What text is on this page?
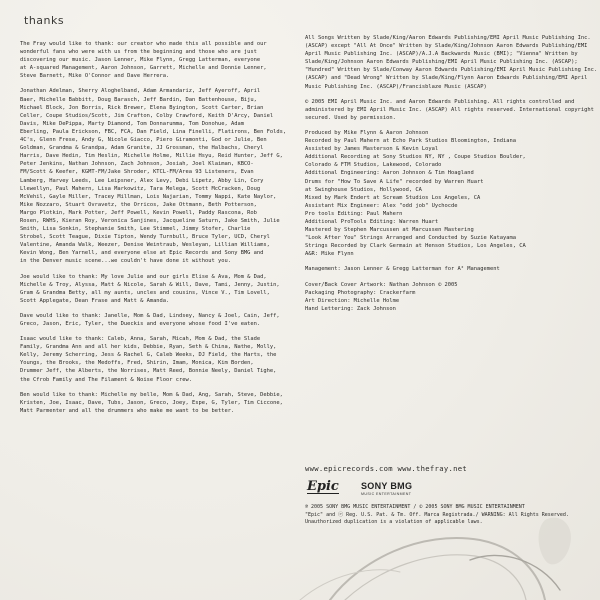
thanks

The Fray would like to thank: our creator who made this all possible and our
wonderful fans who were with us from the beginning and those who are just
discovering our music. Jason Lenner, Mike Flynn, Gregg Latterman, everyone
at A-squared Management, Aaron Johnson, Garrett, Michelle and Donnie Lenner,
Steve Barnett, Mike O'Connor and Dave Herrera.

Jonathan Adelman, Sherry Aloghelband, Adam Armandariz, Jeff Ayeroff, April
Baer, Michelle Babbitt, Doug Barasch, Jeff Bardin, Dan Battenhouse, Biju,
Michael Block, Jon Borris, Rick Brewer, Elena Byington, Scott Carter, Brian
Celler, Coupe Studios/Scott, Jim Crafton, Colby Crawford, Keith D'Arcy, Daniel
Davis, Mike DePippa, Marty Diamond, Tom Donnarumma, Tom Donohue, Adam
Eberling, Paula Erickson, FBC, FCA, Dan Field, Lina Finelli, Flatirons, Ben Folds,
4C's, Glenn Frese, Andy G, Nicole Giacco, Piero Giramonti, God or Julie, Ben
Goldman, Grandma & Grandpa, Adam Granite, JJ Grossman, the Halbachs, Cheryl
Harris, Dave Hedin, Tim Heslin, Michelle Holme, Millie Hsyu, Reid Hunter, Jeff G,
Peter Jenkins, Nathan Johnson, Zach Johnson, Josiah, Joel Klaiman, KBCO-
FM/Scott & Keefer, KGMT-FM/Jake Shroder, KTCL-FM/Area 93 Listeners, Evan
Lamberg, Harvey Leeds, Lee Leipsner, Alex Levy, Debi Lipetz, Abby Lin, Cory
Llewellyn, Paul Mahern, Lisa Markowitz, Tara Melega, Scott McCracken, Doug
McVehil, Gayle Miller, Tracey Millman, Lois Najarian, Tommy Nappi, Kate Naylor,
Mike Nozzaro, Stuart Ovravetz, the Orricos, Jake Ottmann, Beth Potterson,
Margo Plotkin, Mark Potter, Jeff Powell, Kevin Powell, Paddy Rascona, Rob
Rosen, RWHS, Kieran Roy, Veronica Sanjines, Jacqueline Saturn, Jake Smith, Julie
Smith, Lisa Sonkin, Stephanie Smith, Lee Stimmel, Jimmy Stofer, Charlie
Strobel, Scott Teague, Dixie Tipton, Wendy Turnbull, Bruce Tyler, UCD, Cheryl
Valentine, Amanda Walk, Weezer, Denise Weintraub, Wesleyan, Lillian Williams,
Kevin Wong, Ben Yarnell, and everyone else at Epic Records and Sony BMG and
in the Denver music scene...we couldn't have done it without you.

Joe would like to thank: My love Julie and our girls Elise & Ava, Mom & Dad,
Michelle & Troy, Alyssa, Matt & Nicole, Sarah & Will, Dave, Tami, Jenny, Justin,
Gram & Grandma Betty, all my aunts, uncles and cousins, Vince V., Tim Lovell,
Scott Applegate, Dean Frase and Matt & Amanda.

Dave would like to thank: Janelle, Mom & Dad, Lindsey, Nancy & Joel, Cain, Jeff,
Greco, Jason, Eric, Tyler, the Dueckis and everyone whose food I've eaten.

Isaac would like to thank: Caleb, Anna, Sarah, Micah, Mom & Dad, the Slade
Family, Grandma Ann and all her kids, Debbie, Ryan, Seth & China, Nathe, Molly,
Kelly, Jeremy Scherring, Jess & Rachel G, Caleb Weeks, DJ Field, the Harts, the
Youngs, the Brooks, the Medoffs, Fred, Shirin, Imam, Monica, Kim Borden,
Drummer Jeff, the Alberts, the Norrises, Matt Reed, Bonnie Neely, Daniel Tighe,
the Cfrob Family and The Filament & Noise Floor crew.

Ben would like to thank: Michelle my belle, Mom & Dad, Ang, Sarah, Steve, Debbie,
Kristen, Joe, Isaac, Dave, Tubs, Jason, Greco, Joey, Espe, G, Tyler, Tim Ciccone,
Matt Parmenter and all the drummers who make me want to be better.

All Songs Written by Slade/King/Aaron Edwards Publishing/EMI April Music Publishing Inc.
(ASCAP) except "All At Once" Written by Slade/King/Johnson Aaron Edwards Publishing/EMI
April Music Publishing Inc. (ASCAP)/A.J.A Backwards Music (BMI); "Vienna" Written by
Slade/King/Johnson Aaron Edwards Publishing/EMI April Music Publishing Inc. (ASCAP);
"Hundred" Written by Slade/Conway Aaron Edwards Publishing/EMI April Music Publishing Inc.
(ASCAP) and "Dead Wrong" Written by Slade/King/Flynn Aaron Edwards Publishing/EMI April
Music Publishing Inc. (ASCAP)/Francisblaze Music (ASCAP)

© 2005 EMI April Music Inc. and Aaron Edwards Publishing. All rights controlled and
administered by EMI April Music Inc. (ASCAP) All rights reserved. International copyright
secured. Used by permission.

Produced by Mike Flynn & Aaron Johnson
Recorded by Paul Mahern at Echo Park Studios Bloomington, Indiana
Assisted by James Masterson & Kevin Loyal
Additional Recording at Sony Studios NY, NY , Coupe Studios Boulder,
Colorado & FTM Studios, Lakewood, Colorado
Additional Engineering: Aaron Johnson & Tim Hoagland
Drums for "How To Save A Life" recorded by Warren Huart
at Swinghouse Studios, Hollywood, CA
Mixed by Mark Endert at Scream Studios Los Angeles, CA
Assistant Mix Engineer: Alex "odd job" Uychocde
Pro tools Editing: Paul Mahern
Additional ProTools Editing: Warren Huart
Mastered by Stephen Marcussen at Marcussen Mastering
"Look After You" Strings Arranged and Conducted by Suzie Katayama
Strings Recorded by Clark Germain at Henson Studios, Los Angeles, CA
A&R: Mike Flynn

Management: Jason Lenner & Gregg Latterman for A² Management

Cover/Back Cover Artwork: Nathan Johnson © 2005
Packaging Photography: Crackerfarm
Art Direction: Michelle Holme
Hand Lettering: Zack Johnson

www.epicrecords.com www.thefray.net
Epic SONY BMG
MUSIC ENTERTAINMENT
℗ 2005 SONY BMG MUSIC ENTERTAINMENT / © 2005 SONY BMG MUSIC ENTERTAINMENT
"Epic" and ⓔ Reg. U.S. Pat. & Tm. Off. Marca Registrada./ WARNING: All Rights Reserved.
Unauthorized duplication is a violation of applicable laws.
